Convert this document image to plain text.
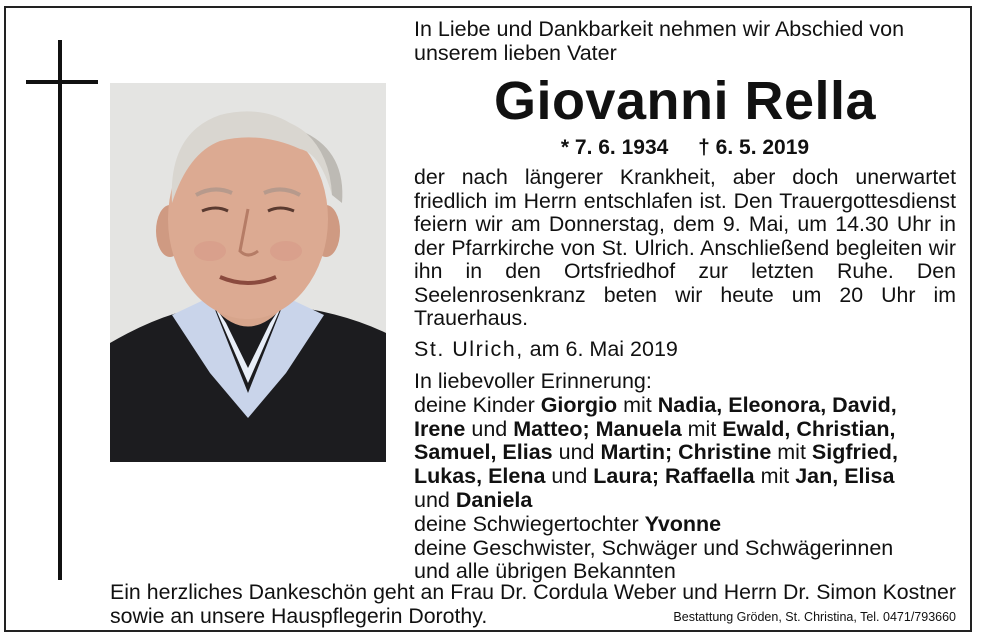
In Liebe und Dankbarkeit nehmen wir Abschied von
unserem lieben Vater
Giovanni Rella
* 7. 6. 1934 † 6. 5. 2019
der nach längerer Krankheit, aber doch unerwartet friedlich im Herrn entschlafen ist. Den Trauergottesdienst feiern wir am Donnerstag, dem 9. Mai, um 14.30 Uhr in der Pfarrkirche von St. Ulrich. Anschließend begleiten wir ihn in den Ortsfriedhof zur letzten Ruhe. Den Seelenrosenkranz beten wir heute um 20 Uhr im Trauerhaus.
St. Ulrich, am 6. Mai 2019
In liebevoller Erinnerung:
deine Kinder Giorgio mit Nadia, Eleonora, David,
Irene und Matteo; Manuela mit Ewald, Christian,
Samuel, Elias und Martin; Christine mit Sigfried,
Lukas, Elena und Laura; Raffaella mit Jan, Elisa
und Daniela
deine Schwiegertochter Yvonne
deine Geschwister, Schwäger und Schwägerinnen
und alle übrigen Bekannten
Ein herzliches Dankeschön geht an Frau Dr. Cordula Weber und Herrn Dr. Simon Kostner sowie an unsere Hauspflegerin Dorothy.	Bestattung Gröden, St. Christina, Tel. 0471/793660
